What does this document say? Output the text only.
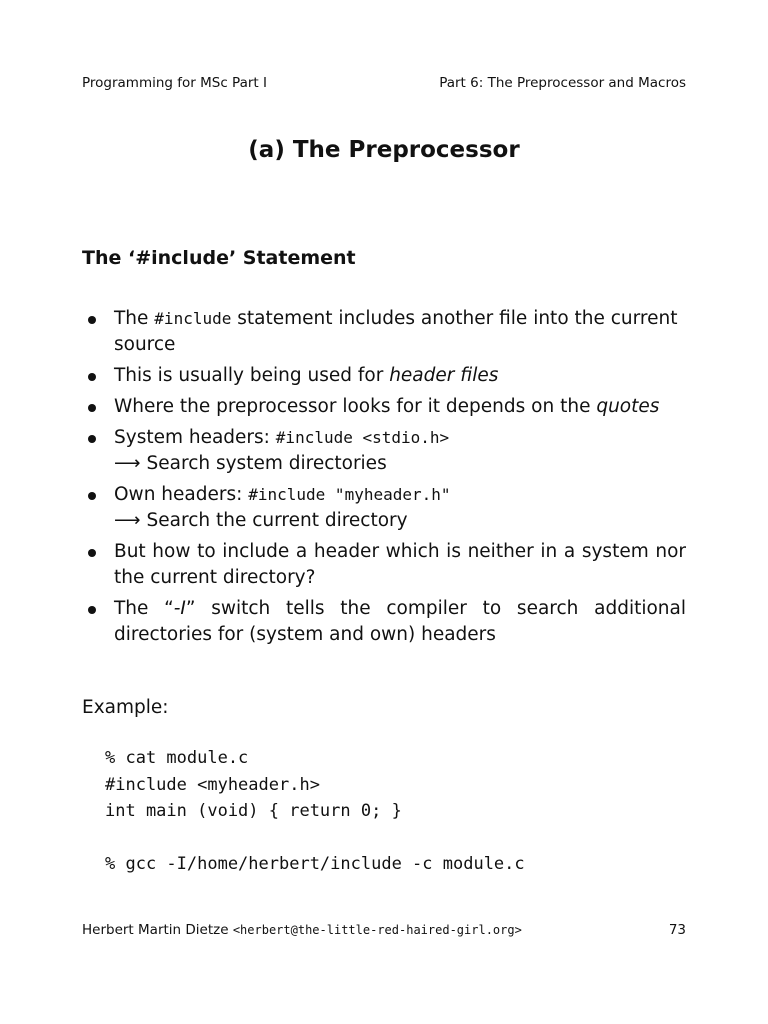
Programming for MSc Part I	Part 6: The Preprocessor and Macros
(a) The Preprocessor
The ‘#include’ Statement
The #include statement includes another file into the current source
This is usually being used for header files
Where the preprocessor looks for it depends on the quotes
System headers: #include <stdio.h>
⟶ Search system directories
Own headers: #include "myheader.h"
⟶ Search the current directory
But how to include a header which is neither in a system nor the current directory?
The “-I” switch tells the compiler to search additional directories for (system and own) headers
Example:
% cat module.c
#include <myheader.h>
int main (void) { return 0; }

% gcc -I/home/herbert/include -c module.c
Herbert Martin Dietze <herbert@the-little-red-haired-girl.org>	73
